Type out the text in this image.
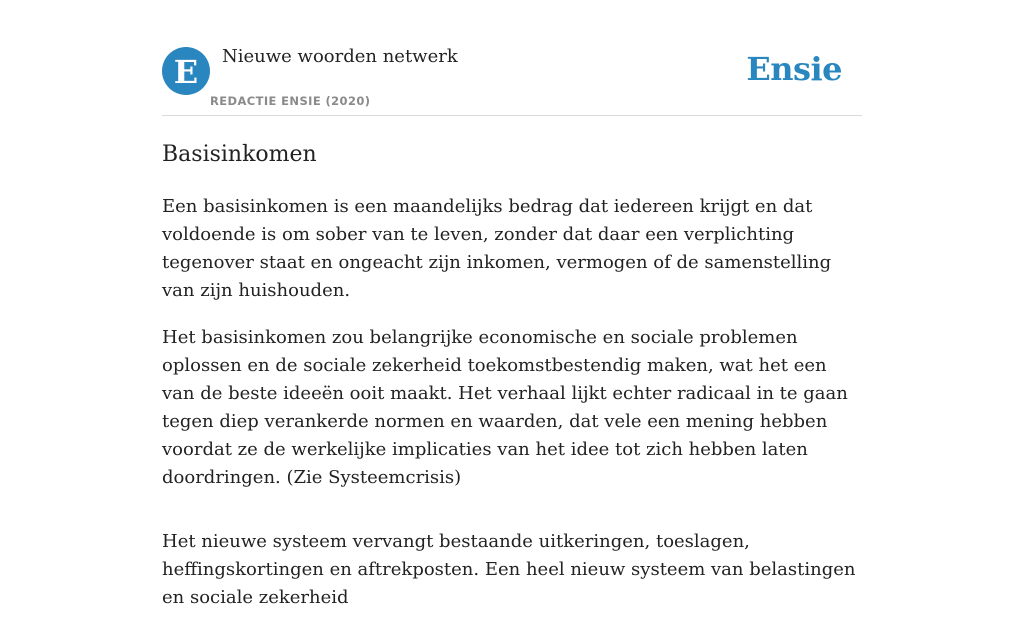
E Nieuwe woorden netwerk
REDACTIE ENSIE (2020)
Ensie
Basisinkomen

Een basisinkomen is een maandelijks bedrag dat iedereen krijgt en dat voldoende is om sober van te leven, zonder dat daar een verplichting tegenover staat en ongeacht zijn inkomen, vermogen of de samenstelling van zijn huishouden.

Het basisinkomen zou belangrijke economische en sociale problemen oplossen en de sociale zekerheid toekomstbestendig maken, wat het een van de beste ideeën ooit maakt. Het verhaal lijkt echter radicaal in te gaan tegen diep verankerde normen en waarden, dat vele een mening hebben voordat ze de werkelijke implicaties van het idee tot zich hebben laten doordringen. (Zie Systeemcrisis)

Het nieuwe systeem vervangt bestaande uitkeringen, toeslagen, heffingskortingen en aftrekposten. Een heel nieuw systeem van belastingen en sociale zekerheid
